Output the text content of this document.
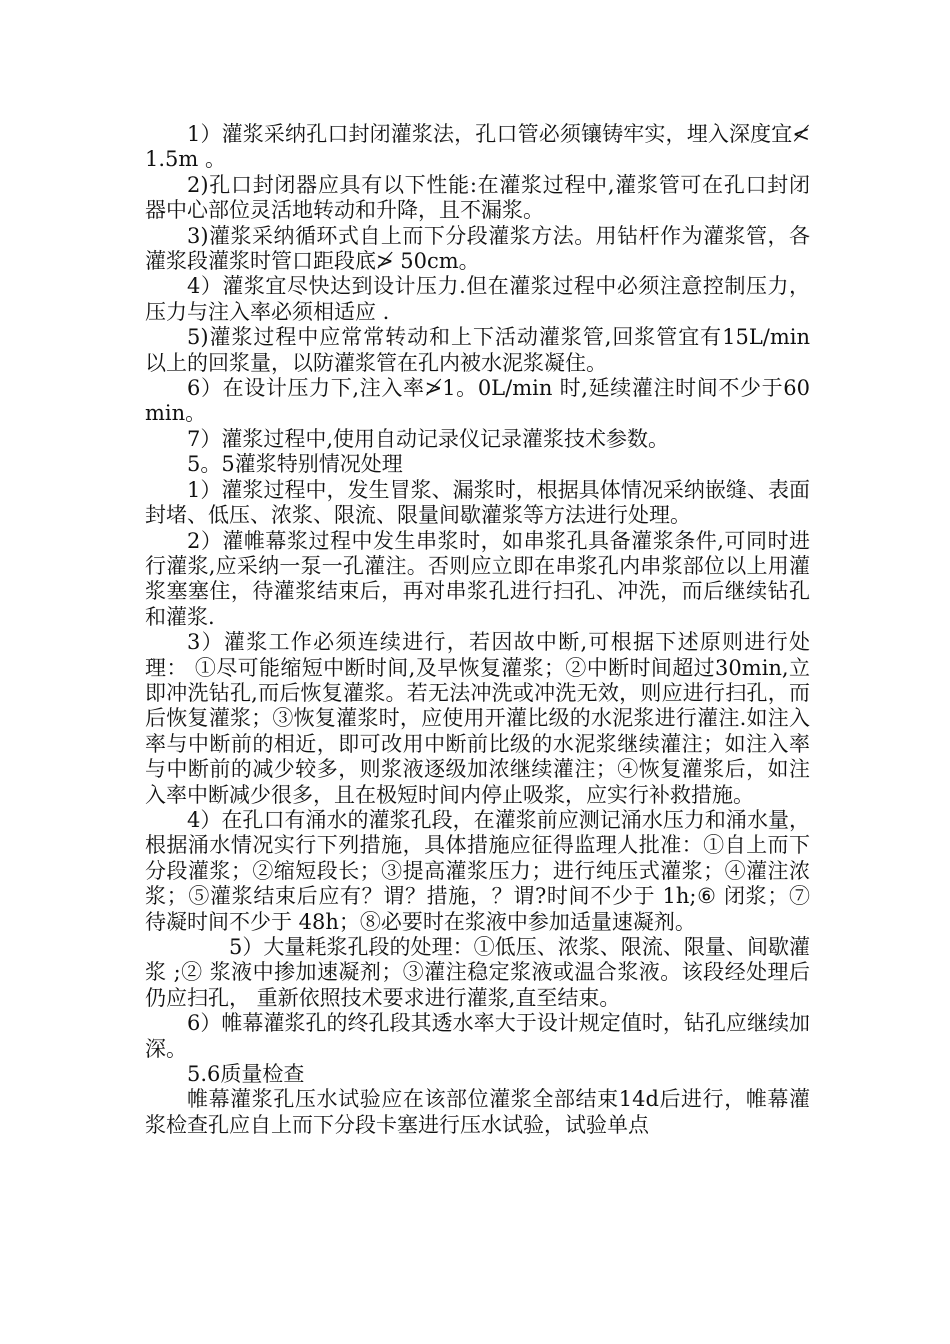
1）灌浆采纳孔口封闭灌浆法，孔口管必须镶铸牢实，埋入深度宜≮1.5m 。

2)孔口封闭器应具有以下性能:在灌浆过程中,灌浆管可在孔口封闭器中心部位灵活地转动和升降，且不漏浆。

3)灌浆采纳循环式自上而下分段灌浆方法。用钻杆作为灌浆管，各灌浆段灌浆时管口距段底≯ 50cm。

4）灌浆宜尽快达到设计压力.但在灌浆过程中必须注意控制压力，压力与注入率必须相适应 .

5)灌浆过程中应常常转动和上下活动灌浆管,回浆管宜有15L/min 以上的回浆量，以防灌浆管在孔内被水泥浆凝住。

6）在设计压力下,注入率≯1。0L/min 时,延续灌注时间不少于60min。

7）灌浆过程中,使用自动记录仪记录灌浆技术参数。

5。5灌浆特别情况处理

1）灌浆过程中，发生冒浆、漏浆时，根据具体情况采纳嵌缝、表面封堵、低压、浓浆、限流、限量间歇灌浆等方法进行处理。

2）灌帷幕浆过程中发生串浆时，如串浆孔具备灌浆条件,可同时进行灌浆,应采纳一泵一孔灌注。否则应立即在串浆孔内串浆部位以上用灌浆塞塞住，待灌浆结束后，再对串浆孔进行扫孔、冲洗，而后继续钻孔和灌浆.

3）灌浆工作必须连续进行，若因故中断,可根据下述原则进行处理： ①尽可能缩短中断时间,及早恢复灌浆；②中断时间超过30min,立即冲洗钻孔,而后恢复灌浆。若无法冲洗或冲洗无效，则应进行扫孔，而后恢复灌浆；③恢复灌浆时，应使用开灌比级的水泥浆进行灌注.如注入率与中断前的相近，即可改用中断前比级的水泥浆继续灌注；如注入率与中断前的减少较多，则浆液逐级加浓继续灌注；④恢复灌浆后，如注入率中断减少很多，且在极短时间内停止吸浆，应实行补救措施。

4）在孔口有涌水的灌浆孔段，在灌浆前应测记涌水压力和涌水量，根据涌水情况实行下列措施，具体措施应征得监理人批准：①自上而下分段灌浆；②缩短段长；③提高灌浆压力；进行纯压式灌浆；④灌注浓浆；⑤灌浆结束后应有？谓？措施，？谓?时间不少于 1h;⑥ 闭浆；⑦待凝时间不少于 48h；⑧必要时在浆液中参加适量速凝剂。

5）大量耗浆孔段的处理：①低压、浓浆、限流、限量、间歇灌浆 ;② 浆液中掺加速凝剂；③灌注稳定浆液或温合浆液。该段经处理后仍应扫孔， 重新依照技术要求进行灌浆,直至结束。

6）帷幕灌浆孔的终孔段其透水率大于设计规定值时，钻孔应继续加深。

5.6质量检查

帷幕灌浆孔压水试验应在该部位灌浆全部结束14d后进行，帷幕灌浆检查孔应自上而下分段卡塞进行压水试验，试验单点
